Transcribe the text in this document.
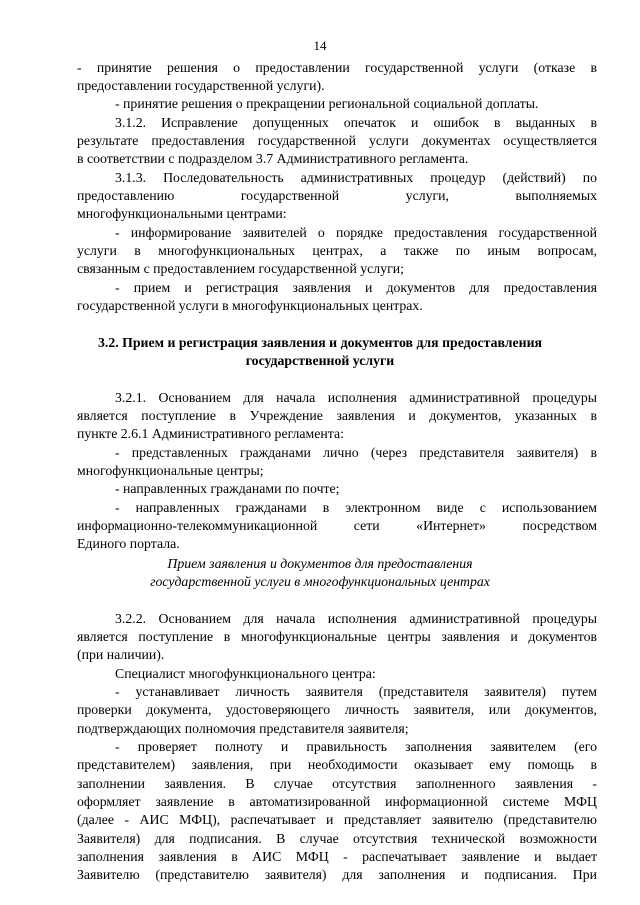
14
- принятие решения о предоставлении государственной услуги (отказе в
предоставлении государственной услуги).
- принятие решения о прекращении региональной социальной доплаты.
3.1.2. Исправление допущенных опечаток и ошибок в выданных в
результате предоставления государственной услуги документах осуществляется
в соответствии с подразделом 3.7 Административного регламента.
3.1.3. Последовательность административных процедур (действий) по
предоставлению государственной услуги, выполняемых
многофункциональными центрами:
- информирование заявителей о порядке предоставления государственной
услуги в многофункциональных центрах, а также по иным вопросам,
связанным с предоставлением государственной услуги;
- прием и регистрация заявления и документов для предоставления
государственной услуги в многофункциональных центрах.
3.2. Прием и регистрация заявления и документов для предоставления
государственной услуги
3.2.1. Основанием для начала исполнения административной процедуры
является поступление в Учреждение заявления и документов, указанных в
пункте 2.6.1 Административного регламента:
- представленных гражданами лично (через представителя заявителя) в
многофункциональные центры;
- направленных гражданами по почте;
- направленных гражданами в электронном виде с использованием
информационно-телекоммуникационной сети «Интернет» посредством
Единого портала.
Прием заявления и документов для предоставления
государственной услуги в многофункциональных центрах
3.2.2. Основанием для начала исполнения административной процедуры
является поступление в многофункциональные центры заявления и документов
(при наличии).
Специалист многофункционального центра:
- устанавливает личность заявителя (представителя заявителя) путем
проверки документа, удостоверяющего личность заявителя, или документов,
подтверждающих полномочия представителя заявителя;
- проверяет полноту и правильность заполнения заявителем (его
представителем) заявления, при необходимости оказывает ему помощь в
заполнении заявления. В случае отсутствия заполненного заявления -
оформляет заявление в автоматизированной информационной системе МФЦ
(далее - АИС МФЦ), распечатывает и представляет заявителю (представителю
Заявителя) для подписания. В случае отсутствия технической возможности
заполнения заявления в АИС МФЦ - распечатывает заявление и выдает
Заявителю (представителю заявителя) для заполнения и подписания. При
